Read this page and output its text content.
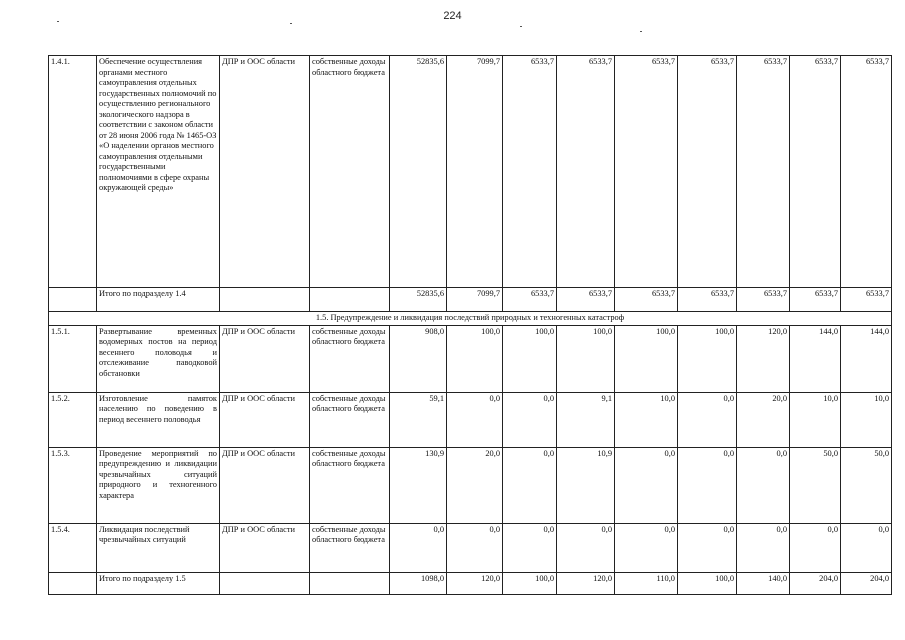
224
1.4.1.	Обеспечение осуществления органами местного самоуправления отдельных государственных полномочий по осуществлению регионального экологического надзора в соответствии с законом области от 28 июня 2006 года № 1465-ОЗ «О наделении органов местного самоуправления отдельными государственными полномочиями в сфере охраны окружающей среды»	ДПР и ООС области	собственные доходы областного бюджета	52835,6	7099,7	6533,7	6533,7	6533,7	6533,7	6533,7	6533,7	6533,7
	Итого по подразделу 1.4			52835,6	7099,7	6533,7	6533,7	6533,7	6533,7	6533,7	6533,7	6533,7
1.5. Предупреждение и ликвидация последствий природных и техногенных катастроф												
1.5.1.	Развертывание временных водомерных постов на период весеннего половодья и отслеживание паводковой обстановки	ДПР и ООС области	собственные доходы областного бюджета	908,0	100,0	100,0	100,0	100,0	100,0	120,0	144,0	144,0
1.5.2.	Изготовление памяток населению по поведению в период весеннего половодья	ДПР и ООС области	собственные доходы областного бюджета	59,1	0,0	0,0	9,1	10,0	0,0	20,0	10,0	10,0
1.5.3.	Проведение мероприятий по предупреждению и ликвидации чрезвычайных ситуаций природного и техногенного характера	ДПР и ООС области	собственные доходы областного бюджета	130,9	20,0	0,0	10,9	0,0	0,0	0,0	50,0	50,0
1.5.4.	Ликвидация последствий чрезвычайных ситуаций	ДПР и ООС области	собственные доходы областного бюджета	0,0	0,0	0,0	0,0	0,0	0,0	0,0	0,0	0,0
	Итого по подразделу 1.5			1098,0	120,0	100,0	120,0	110,0	100,0	140,0	204,0	204,0
